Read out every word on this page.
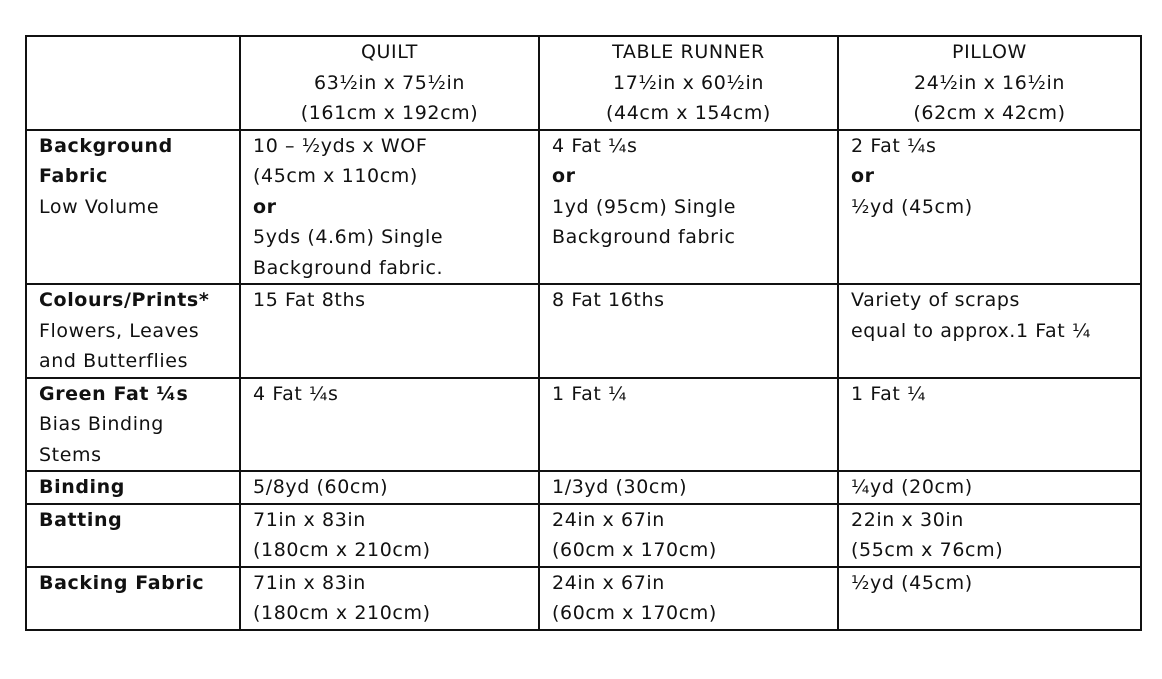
	QUILT
63½in x 75½in
(161cm x 192cm)	TABLE RUNNER
17½in x 60½in
(44cm x 154cm)	PILLOW
24½in x 16½in
(62cm x 42cm)

Background
Fabric
Low Volume	10 – ½yds x WOF
(45cm x 110cm)
or
5yds (4.6m) Single
Background fabric.	4 Fat ¼s
or
1yd (95cm) Single
Background fabric	2 Fat ¼s
or
½yd (45cm)

Colours/Prints*
Flowers, Leaves
and Butterflies	15 Fat 8ths	8 Fat 16ths	Variety of scraps
equal to approx.1 Fat ¼

Green Fat ¼s
Bias Binding
Stems	4 Fat ¼s	1 Fat ¼	1 Fat ¼

Binding	5/8yd (60cm)	1/3yd (30cm)	¼yd (20cm)

Batting	71in x 83in
(180cm x 210cm)	24in x 67in
(60cm x 170cm)	22in x 30in
(55cm x 76cm)

Backing Fabric	71in x 83in
(180cm x 210cm)	24in x 67in
(60cm x 170cm)	½yd (45cm)
